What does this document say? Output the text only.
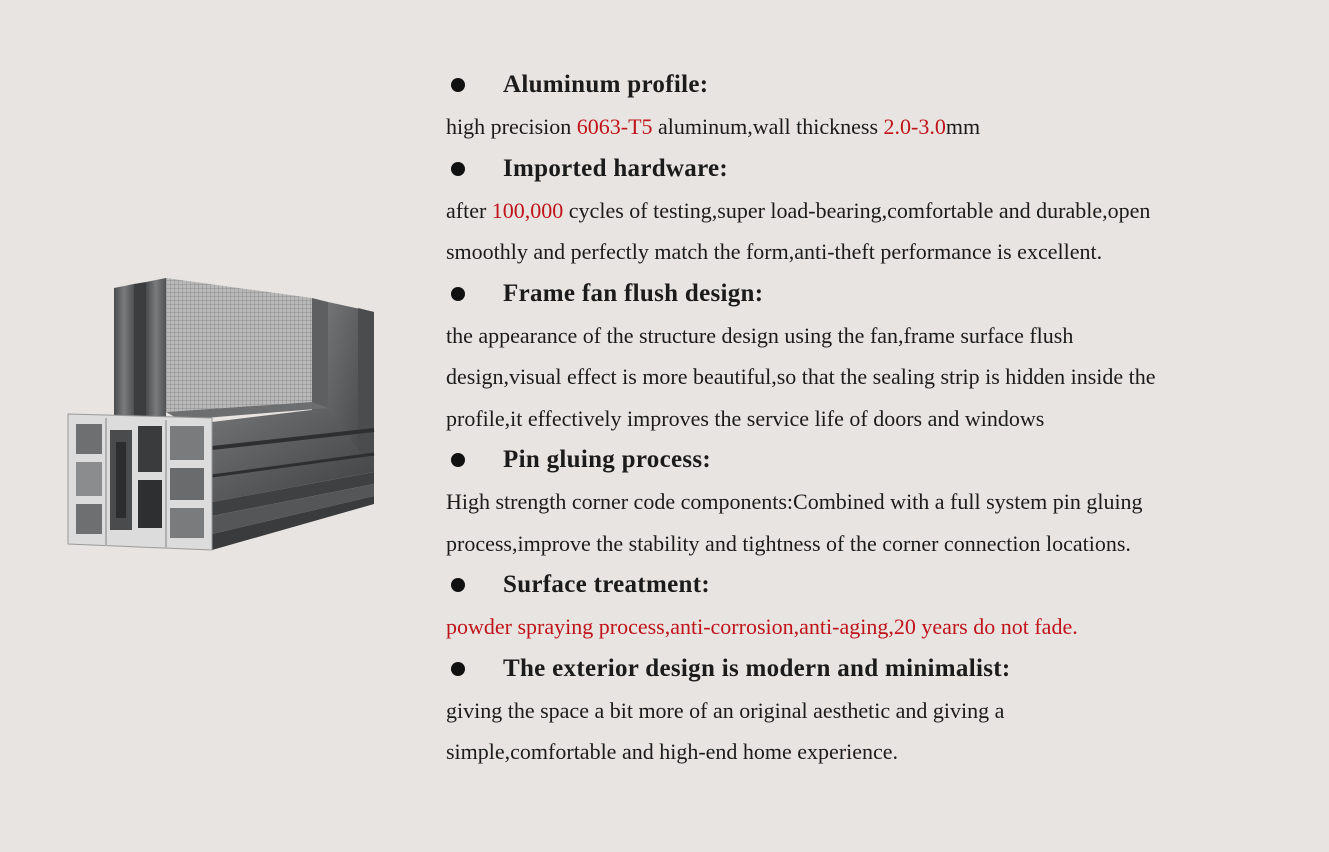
Aluminum profile:
high precision 6063-T5 aluminum,wall thickness 2.0-3.0mm
Imported hardware:
after 100,000 cycles of testing,super load-bearing,comfortable and durable,open
smoothly and perfectly match the form,anti-theft performance is excellent.
Frame fan flush design:
the appearance of the structure design using the fan,frame surface flush
design,visual effect is more beautiful,so that the sealing strip is hidden inside the
profile,it effectively improves the service life of doors and windows
Pin gluing process:
High strength corner code components:Combined with a full system pin gluing
process,improve the stability and tightness of the corner connection locations.
Surface treatment:
powder spraying process,anti-corrosion,anti-aging,20 years do not fade.
The exterior design is modern and minimalist:
giving the space a bit more of an original aesthetic and giving a
simple,comfortable and high-end home experience.
